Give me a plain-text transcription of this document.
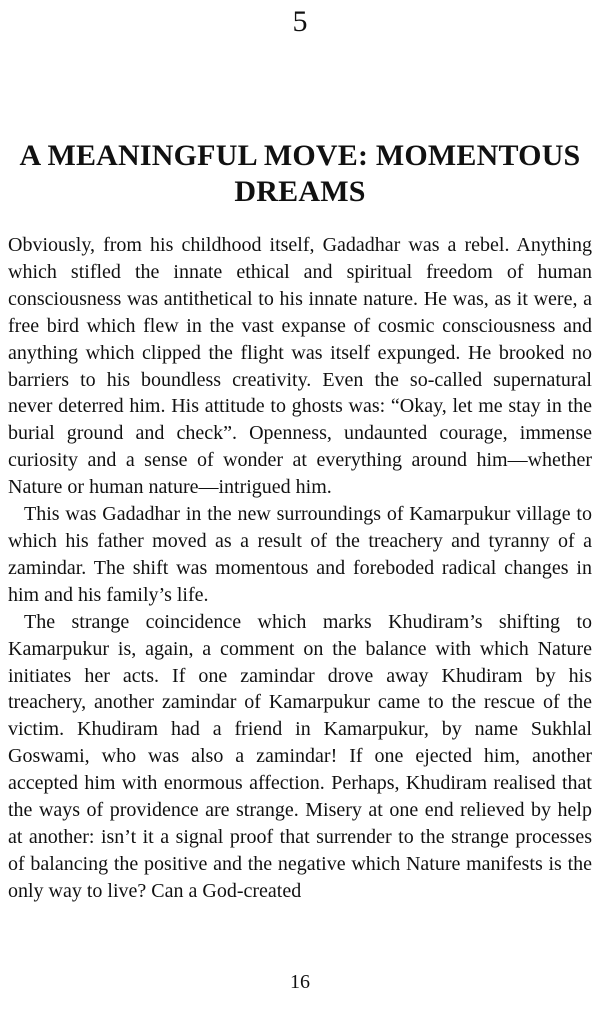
5
A MEANINGFUL MOVE: MOMENTOUS
DREAMS

Obviously, from his childhood itself, Gadadhar was a rebel. Anything which stifled the innate ethical and spiritual freedom of human consciousness was antithetical to his innate nature. He was, as it were, a free bird which flew in the vast expanse of cosmic consciousness and anything which clipped the flight was itself expunged. He brooked no barriers to his boundless creativity. Even the so-called supernatural never deterred him. His attitude to ghosts was: “Okay, let me stay in the burial ground and check”. Openness, undaunted courage, immense curiosity and a sense of wonder at everything around him—whether Nature or human nature—intrigued him.

This was Gadadhar in the new surroundings of Kamarpukur village to which his father moved as a result of the treachery and tyranny of a zamindar. The shift was momentous and foreboded radical changes in him and his family’s life.

The strange coincidence which marks Khudiram’s shifting to Kamarpukur is, again, a comment on the balance with which Nature initiates her acts. If one zamindar drove away Khudiram by his treachery, another zamindar of Kamarpukur came to the rescue of the victim. Khudiram had a friend in Kamarpukur, by name Sukhlal Goswami, who was also a zamindar! If one ejected him, another accepted him with enormous affection. Perhaps, Khudiram realised that the ways of providence are strange. Misery at one end relieved by help at another: isn’t it a signal proof that surrender to the strange processes of balancing the positive and the negative which Nature manifests is the only way to live? Can a God-created

16
